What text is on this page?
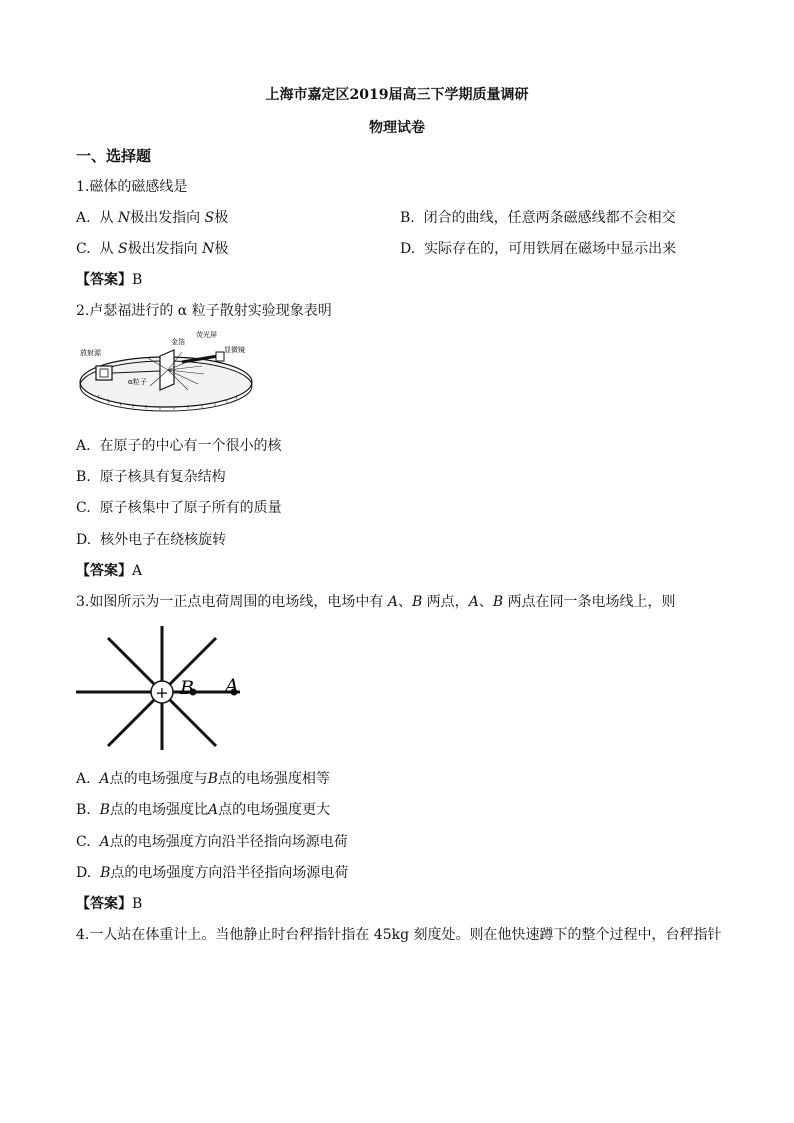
上海市嘉定区2019届高三下学期质量调研
物理试卷
一、选择题
1.磁体的磁感线是
A. 从 N极出发指向 S极	B. 闭合的曲线，任意两条磁感线都不会相交
C. 从 S极出发指向 N极	D. 实际存在的，可用铁屑在磁场中显示出来
【答案】B
2.卢瑟福进行的 α 粒子散射实验现象表明
放射源
金箔
荧光屏
显微镜
α粒子
A. 在原子的中心有一个很小的核
B. 原子核具有复杂结构
C. 原子核集中了原子所有的质量
D. 核外电子在绕核旋转
【答案】A
3.如图所示为一正点电荷周围的电场线，电场中有 A、B 两点，A、B 两点在同一条电场线上，则
+ B A
A. A点的电场强度与B点的电场强度相等
B. B点的电场强度比A点的电场强度更大
C. A点的电场强度方向沿半径指向场源电荷
D. B点的电场强度方向沿半径指向场源电荷
【答案】B
4.一人站在体重计上。当他静止时台秤指针指在 45kg 刻度处。则在他快速蹲下的整个过程中，台秤指针
